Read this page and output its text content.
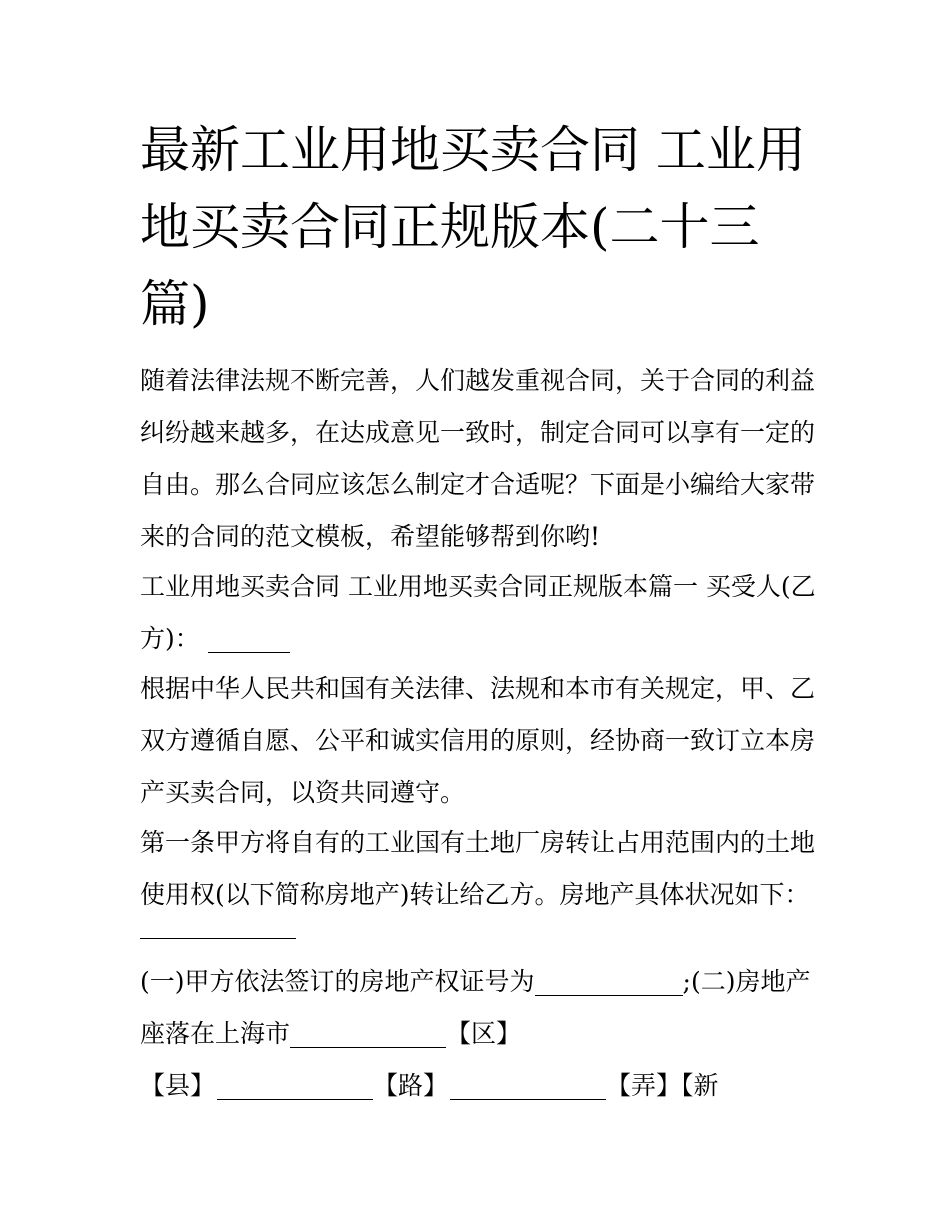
最新工业用地买卖合同 工业用地买卖合同正规版本(二十三篇)

随着法律法规不断完善，人们越发重视合同，关于合同的利益纠纷越来越多，在达成意见一致时，制定合同可以享有一定的自由。那么合同应该怎么制定才合适呢？下面是小编给大家带来的合同的范文模板，希望能够帮到你哟!

工业用地买卖合同 工业用地买卖合同正规版本篇一 买受人(乙方)：

根据中华人民共和国有关法律、法规和本市有关规定，甲、乙双方遵循自愿、公平和诚实信用的原则，经协商一致订立本房产买卖合同，以资共同遵守。

第一条甲方将自有的工业国有土地厂房转让占用范围内的土地使用权(以下简称房地产)转让给乙方。房地产具体状况如下：

(一)甲方依法签订的房地产权证号为	;(二)房地产
座落在上海市	【区】
【县】	【路】	【弄】【新
